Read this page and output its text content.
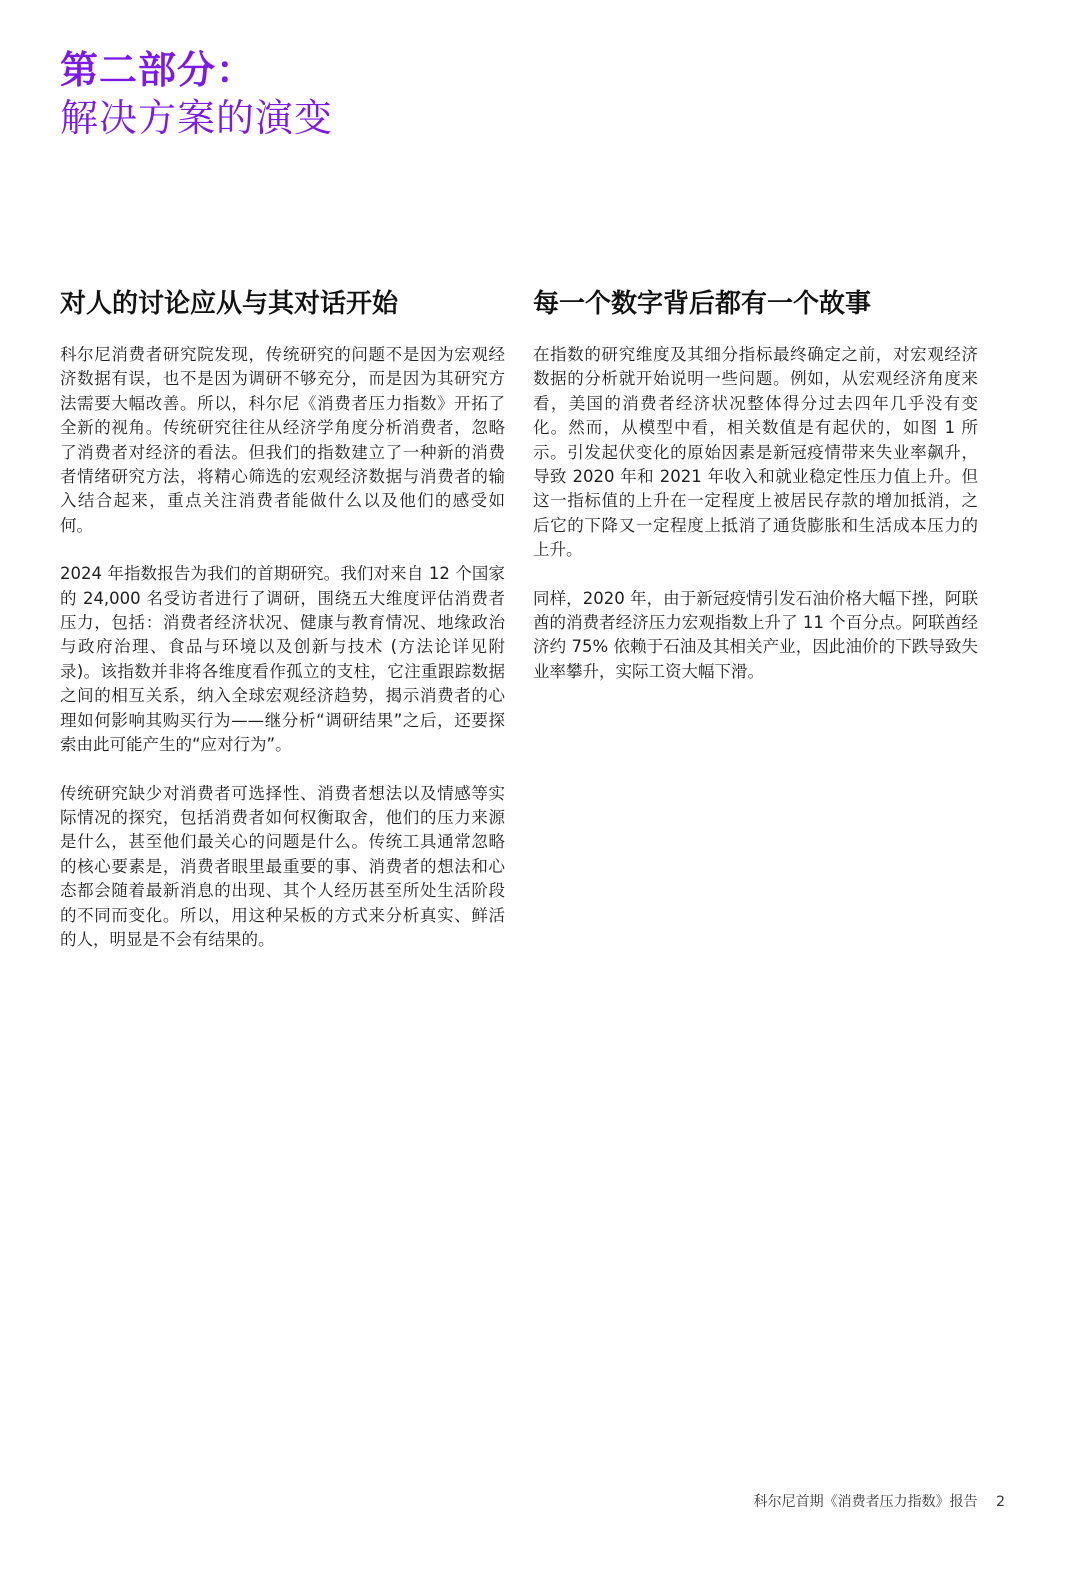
第二部分：
解决方案的演变
对人的讨论应从与其对话开始

科尔尼消费者研究院发现，传统研究的问题不是因为宏观经济数据有误，也不是因为调研不够充分，而是因为其研究方法需要大幅改善。所以，科尔尼《消费者压力指数》开拓了全新的视角。传统研究往往从经济学角度分析消费者，忽略了消费者对经济的看法。但我们的指数建立了一种新的消费者情绪研究方法，将精心筛选的宏观经济数据与消费者的输入结合起来，重点关注消费者能做什么以及他们的感受如何。

2024 年指数报告为我们的首期研究。我们对来自 12 个国家的 24,000 名受访者进行了调研，围绕五大维度评估消费者压力，包括：消费者经济状况、健康与教育情况、地缘政治与政府治理、食品与环境以及创新与技术 (方法论详见附录)。该指数并非将各维度看作孤立的支柱，它注重跟踪数据之间的相互关系，纳入全球宏观经济趋势，揭示消费者的心理如何影响其购买行为——继分析“调研结果”之后，还要探索由此可能产生的“应对行为”。

传统研究缺少对消费者可选择性、消费者想法以及情感等实际情况的探究，包括消费者如何权衡取舍，他们的压力来源是什么，甚至他们最关心的问题是什么。传统工具通常忽略的核心要素是，消费者眼里最重要的事、消费者的想法和心态都会随着最新消息的出现、其个人经历甚至所处生活阶段的不同而变化。所以，用这种呆板的方式来分析真实、鲜活的人，明显是不会有结果的。

每一个数字背后都有一个故事

在指数的研究维度及其细分指标最终确定之前，对宏观经济数据的分析就开始说明一些问题。例如，从宏观经济角度来看，美国的消费者经济状况整体得分过去四年几乎没有变化。然而，从模型中看，相关数值是有起伏的，如图 1 所示。引发起伏变化的原始因素是新冠疫情带来失业率飙升，导致 2020 年和 2021 年收入和就业稳定性压力值上升。但这一指标值的上升在一定程度上被居民存款的增加抵消，之后它的下降又一定程度上抵消了通货膨胀和生活成本压力的上升。

同样，2020 年，由于新冠疫情引发石油价格大幅下挫，阿联酋的消费者经济压力宏观指数上升了 11 个百分点。阿联酋经济约 75% 依赖于石油及其相关产业，因此油价的下跌导致失业率攀升，实际工资大幅下滑。

科尔尼首期《消费者压力指数》报告 2
